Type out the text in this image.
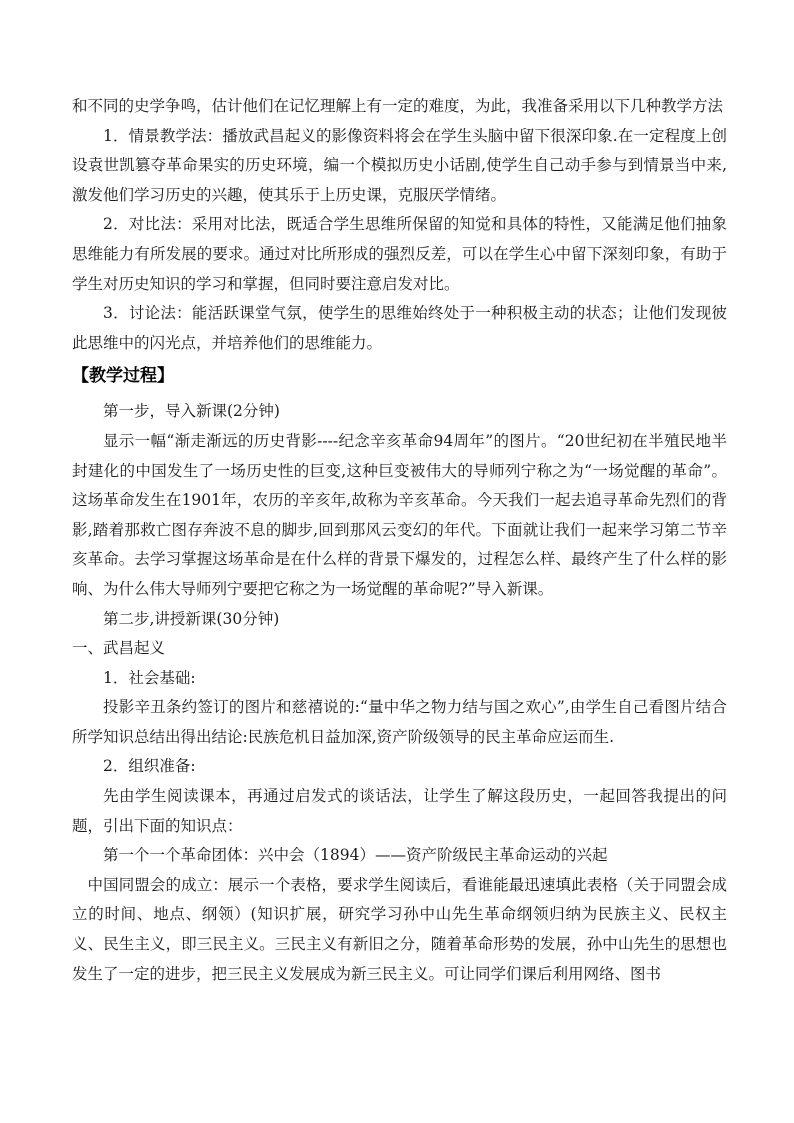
和不同的史学争鸣，估计他们在记忆理解上有一定的难度，为此，我准备采用以下几种教学方法

1．情景教学法：播放武昌起义的影像资料将会在学生头脑中留下很深印象.在一定程度上创设袁世凯篡夺革命果实的历史环境，编一个模拟历史小话剧,使学生自己动手参与到情景当中来,激发他们学习历史的兴趣，使其乐于上历史课，克服厌学情绪。

2．对比法：采用对比法，既适合学生思维所保留的知觉和具体的特性，又能满足他们抽象思维能力有所发展的要求。通过对比所形成的强烈反差，可以在学生心中留下深刻印象，有助于学生对历史知识的学习和掌握，但同时要注意启发对比。

3．讨论法：能活跃课堂气氛，使学生的思维始终处于一种积极主动的状态；让他们发现彼此思维中的闪光点，并培养他们的思维能力。

【教学过程】

第一步，导入新课(2分钟)

显示一幅“渐走渐远的历史背影----纪念辛亥革命94周年”的图片。“20世纪初在半殖民地半封建化的中国发生了一场历史性的巨变,这种巨变被伟大的导师列宁称之为“一场觉醒的革命”。这场革命发生在1901年，农历的辛亥年,故称为辛亥革命。今天我们一起去追寻革命先烈们的背影,踏着那救亡图存奔波不息的脚步,回到那风云变幻的年代。下面就让我们一起来学习第二节辛亥革命。去学习掌握这场革命是在什么样的背景下爆发的，过程怎么样、最终产生了什么样的影响、为什么伟大导师列宁要把它称之为一场觉醒的革命呢?”导入新课。

第二步,讲授新课(30分钟)

一、武昌起义

1．社会基础:

投影辛丑条约签订的图片和慈禧说的:“量中华之物力结与国之欢心”,由学生自己看图片结合所学知识总结出得出结论:民族危机日益加深,资产阶级领导的民主革命应运而生.

2．组织准备:

先由学生阅读课本，再通过启发式的谈话法，让学生了解这段历史，一起回答我提出的问题，引出下面的知识点：

第一个一个革命团体：兴中会（1894）——资产阶级民主革命运动的兴起

中国同盟会的成立：展示一个表格，要求学生阅读后，看谁能最迅速填此表格（关于同盟会成立的时间、地点、纲领）(知识扩展，研究学习孙中山先生革命纲领归纳为民族主义、民权主义、民生主义，即三民主义。三民主义有新旧之分，随着革命形势的发展，孙中山先生的思想也发生了一定的进步，把三民主义发展成为新三民主义。可让同学们课后利用网络、图书
